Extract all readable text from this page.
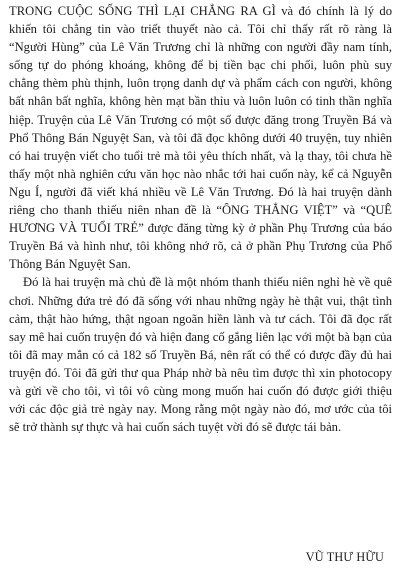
TRONG CUỘC SỐNG THÌ LẠI CHẲNG RA GÌ và đó chính là lý do khiến tôi chẳng tin vào triết thuyết nào cả. Tôi chỉ thấy rất rõ ràng là “Người Hùng” của Lê Văn Trương chỉ là những con người đầy nam tính, sống tự do phóng khoáng, không để bị tiền bạc chi phối, luôn phù suy chẳng thèm phù thịnh, luôn trọng danh dự và phẩm cách con người, không bất nhân bất nghĩa, không hèn mạt bần thỉu và luôn luôn có tinh thần nghĩa hiệp. Truyện của Lê Văn Trương có một số được đăng trong Truyền Bá và Phổ Thông Bán Nguyệt San, và tôi đã đọc không dưới 40 truyện, tuy nhiên có hai truyện viết cho tuổi trẻ mà tôi yêu thích nhất, và lạ thay, tôi chưa hề thấy một nhà nghiên cứu văn học nào nhắc tới hai cuốn này, kể cả Nguyễn Ngu Í, người đã viết khá nhiều về Lê Văn Trương. Đó là hai truyện dành riêng cho thanh thiếu niên nhan đề là “ÔNG THẲNG VIỆT” và “QUÊ HƯƠNG VÀ TUỔI TRẺ” được đăng từng kỳ ở phần Phụ Trương của báo Truyền Bá và hình như, tôi không nhớ rõ, cả ở phần Phụ Trương của Phổ Thông Bán Nguyệt San.

Đó là hai truyện mà chủ đề là một nhóm thanh thiếu niên nghỉ hè về quê chơi. Những đứa trẻ đó đã sống với nhau những ngày hè thật vui, thật tình cảm, thật hào hứng, thật ngoan ngoãn hiền lành và tư cách. Tôi đã đọc rất say mê hai cuốn truyện đó và hiện đang cố gắng liên lạc với một bà bạn của tôi đã may mắn có cả 182 số Truyền Bá, nên rất có thể có được đầy đủ hai truyện đó. Tôi đã gửi thư qua Pháp nhờ bà nêu tìm được thì xin photocopy và gửi về cho tôi, vì tôi vô cùng mong muốn hai cuốn đó được giới thiệu với các độc giả trẻ ngày nay. Mong rằng một ngày nào đó, mơ ước của tôi sẽ trở thành sự thực và hai cuốn sách tuyệt vời đó sẽ được tái bản.

VŨ THƯ HỮU
